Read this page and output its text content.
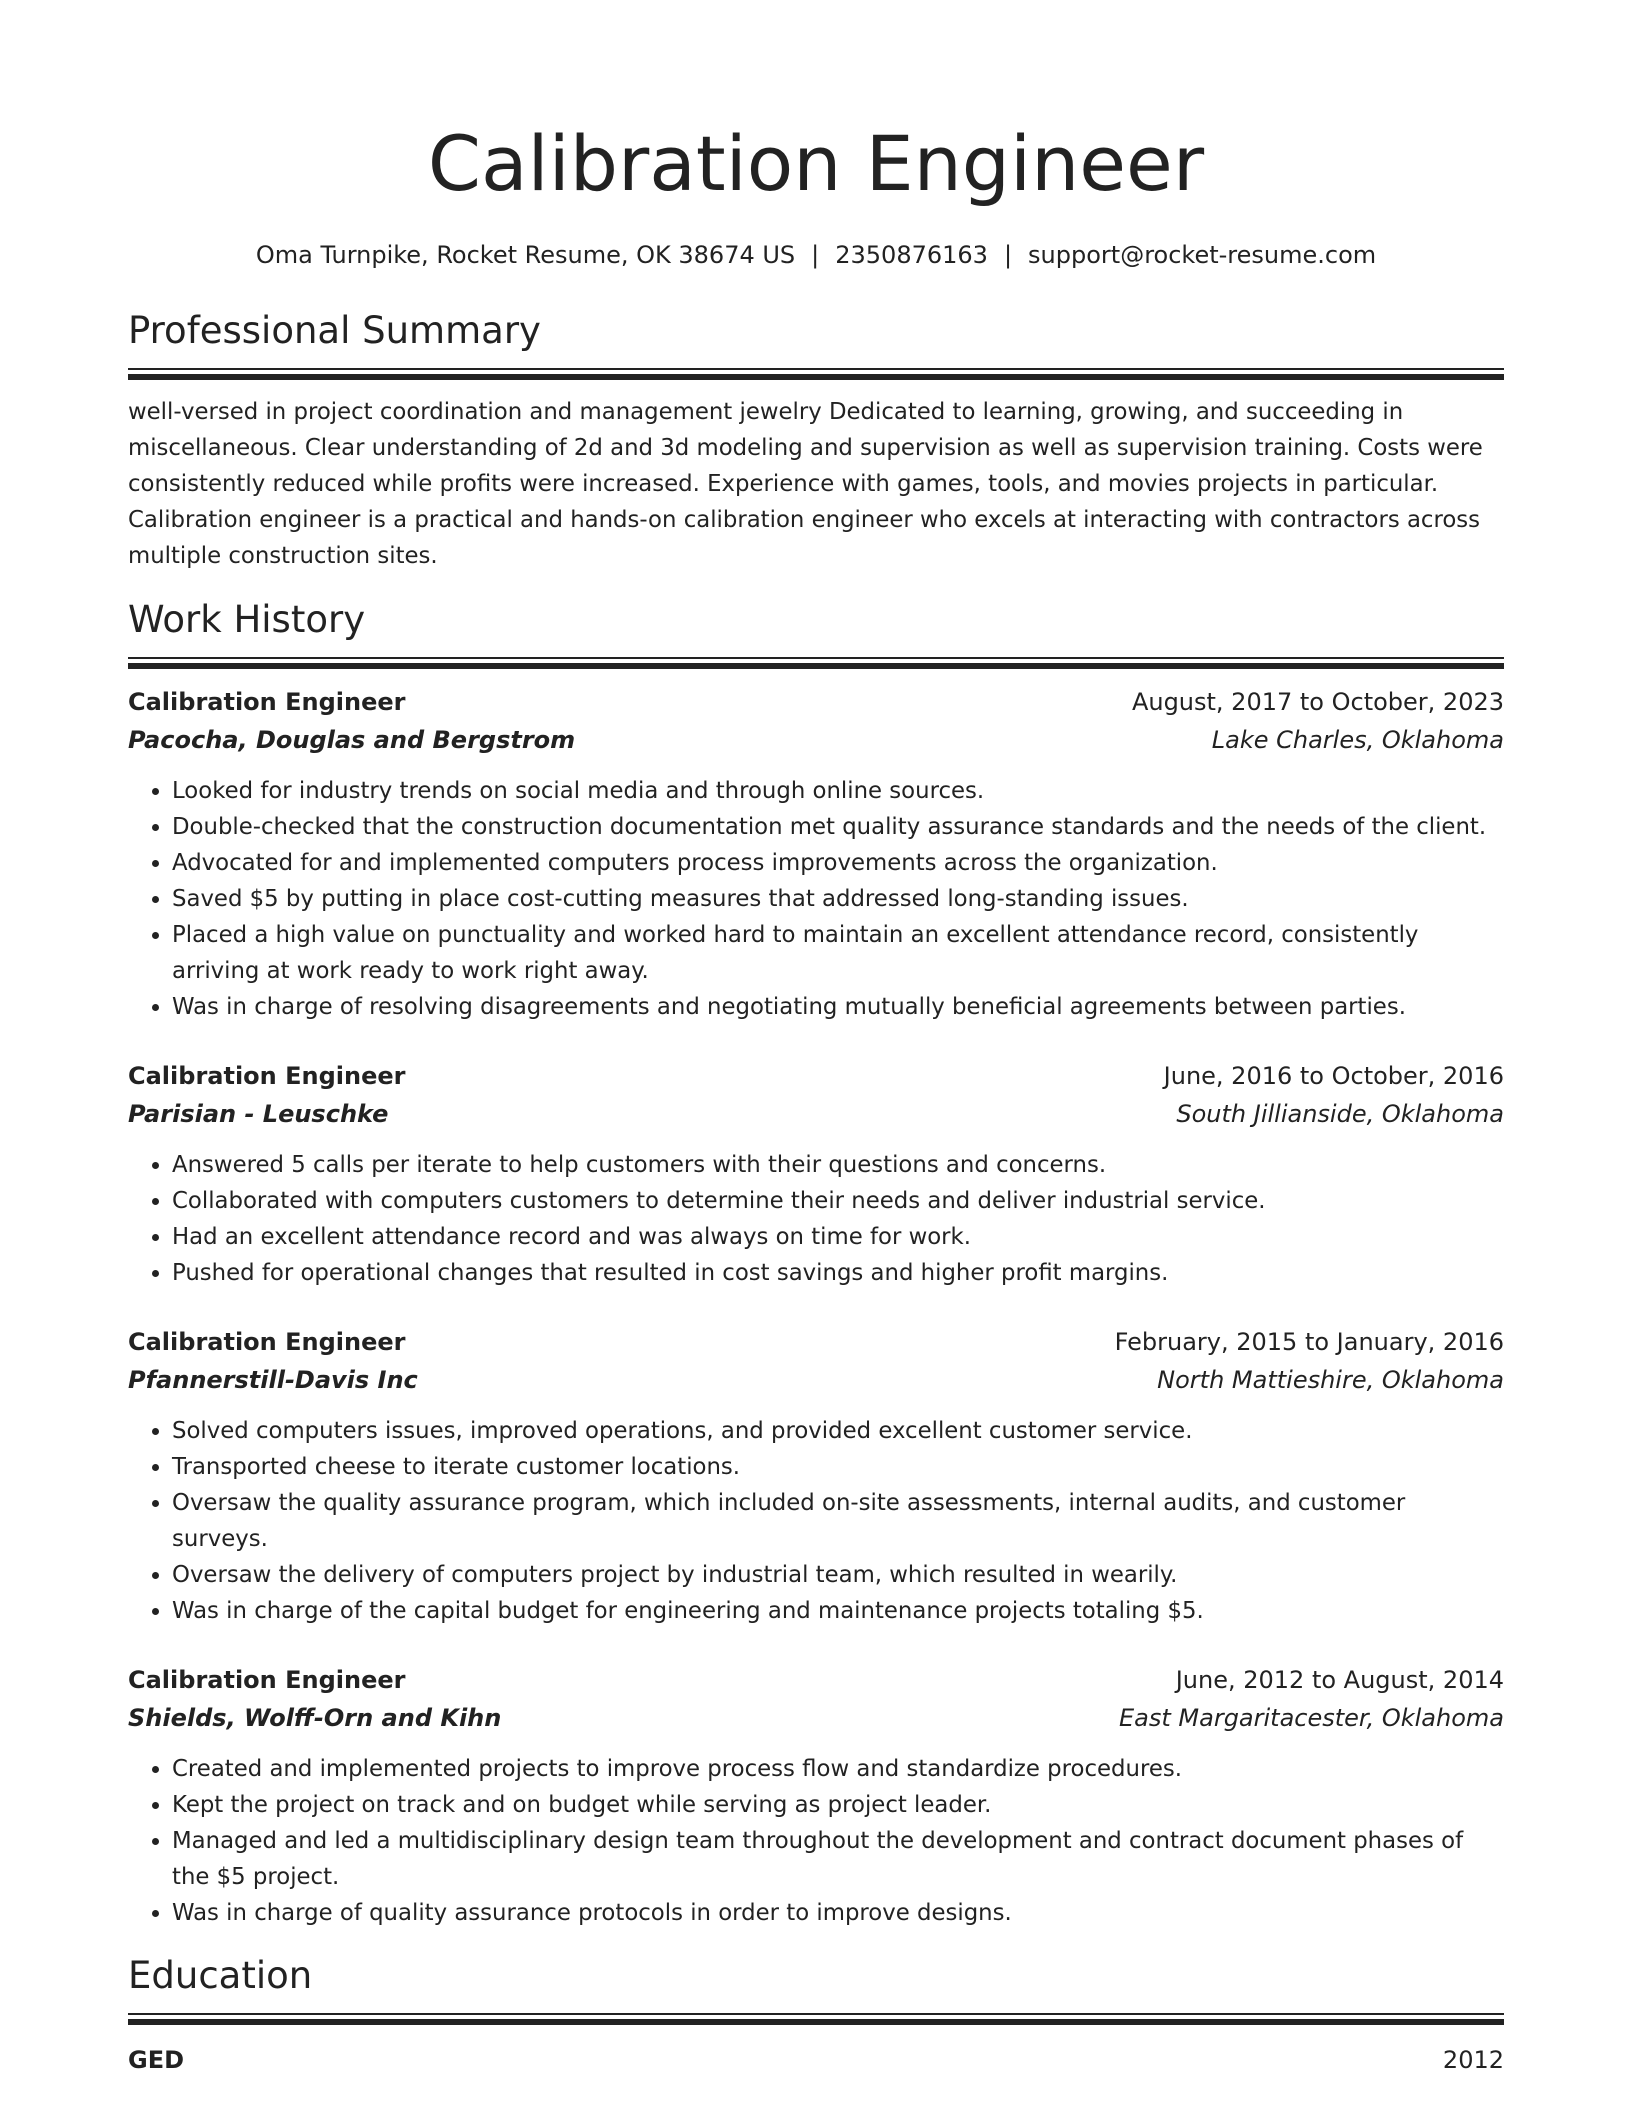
Calibration Engineer
Oma Turnpike, Rocket Resume, OK 38674 US | 2350876163 | support@rocket-resume.com
Professional Summary

well-versed in project coordination and management jewelry Dedicated to learning, growing, and succeeding in miscellaneous. Clear understanding of 2d and 3d modeling and supervision as well as supervision training. Costs were consistently reduced while profits were increased. Experience with games, tools, and movies projects in particular. Calibration engineer is a practical and hands-on calibration engineer who excels at interacting with contractors across multiple construction sites.

Work History
Calibration Engineer	August, 2017 to October, 2023
Pacocha, Douglas and Bergstrom	Lake Charles, Oklahoma
• Looked for industry trends on social media and through online sources.
• Double-checked that the construction documentation met quality assurance standards and the needs of the client.
• Advocated for and implemented computers process improvements across the organization.
• Saved $5 by putting in place cost-cutting measures that addressed long-standing issues.
• Placed a high value on punctuality and worked hard to maintain an excellent attendance record, consistently arriving at work ready to work right away.
• Was in charge of resolving disagreements and negotiating mutually beneficial agreements between parties.
Calibration Engineer	June, 2016 to October, 2016
Parisian - Leuschke	South Jillianside, Oklahoma
• Answered 5 calls per iterate to help customers with their questions and concerns.
• Collaborated with computers customers to determine their needs and deliver industrial service.
• Had an excellent attendance record and was always on time for work.
• Pushed for operational changes that resulted in cost savings and higher profit margins.
Calibration Engineer	February, 2015 to January, 2016
Pfannerstill-Davis Inc	North Mattieshire, Oklahoma
• Solved computers issues, improved operations, and provided excellent customer service.
• Transported cheese to iterate customer locations.
• Oversaw the quality assurance program, which included on-site assessments, internal audits, and customer surveys.
• Oversaw the delivery of computers project by industrial team, which resulted in wearily.
• Was in charge of the capital budget for engineering and maintenance projects totaling $5.
Calibration Engineer	June, 2012 to August, 2014
Shields, Wolff-Orn and Kihn	East Margaritacester, Oklahoma
• Created and implemented projects to improve process flow and standardize procedures.
• Kept the project on track and on budget while serving as project leader.
• Managed and led a multidisciplinary design team throughout the development and contract document phases of the $5 project.
• Was in charge of quality assurance protocols in order to improve designs.
Education
GED	2012
